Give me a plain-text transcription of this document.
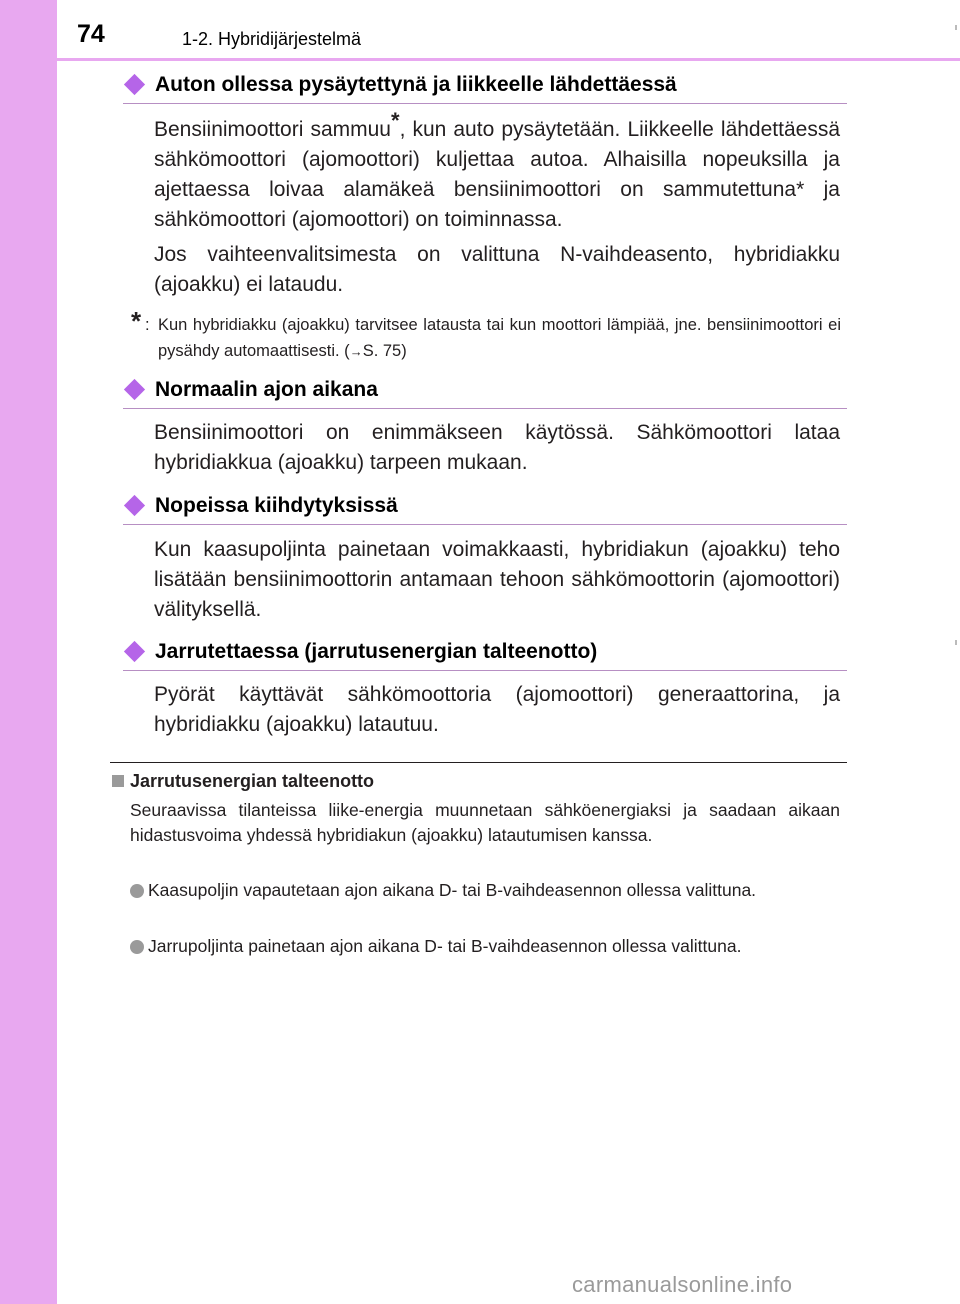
74	1-2. Hybridijärjestelmä
Auton ollessa pysäytettynä ja liikkeelle lähdettäessä
Bensiinimoottori sammuu*, kun auto pysäytetään. Liikkeelle lähdettäessä sähkömoottori (ajomoottori) kuljettaa autoa. Alhaisilla nopeuksilla ja ajettaessa loivaa alamäkeä bensiinimoottori on sammutettuna* ja sähkömoottori (ajomoottori) on toiminnassa.
Jos vaihteenvalitsimesta on valittuna N-vaihdeasento, hybridiakku (ajoakku) ei lataudu.
* : Kun hybridiakku (ajoakku) tarvitsee latausta tai kun moottori lämpiää, jne. bensiinimoottori ei pysähdy automaattisesti. (→S. 75)
Normaalin ajon aikana
Bensiinimoottori on enimmäkseen käytössä. Sähkömoottori lataa hybridiakkua (ajoakku) tarpeen mukaan.
Nopeissa kiihdytyksissä
Kun kaasupoljinta painetaan voimakkaasti, hybridiakun (ajoakku) teho lisätään bensiinimoottorin antamaan tehoon sähkömoottorin (ajomoottori) välityksellä.
Jarrutettaessa (jarrutusenergian talteenotto)
Pyörät käyttävät sähkömoottoria (ajomoottori) generaattorina, ja hybridiakku (ajoakku) latautuu.
Jarrutusenergian talteenotto
Seuraavissa tilanteissa liike-energia muunnetaan sähköenergiaksi ja saadaan aikaan hidastusvoima yhdessä hybridiakun (ajoakku) latautumisen kanssa.
Kaasupoljin vapautetaan ajon aikana D- tai B-vaihdeasennon ollessa valittuna.
Jarrupoljinta painetaan ajon aikana D- tai B-vaihdeasennon ollessa valittuna.
carmanualsonline.info
